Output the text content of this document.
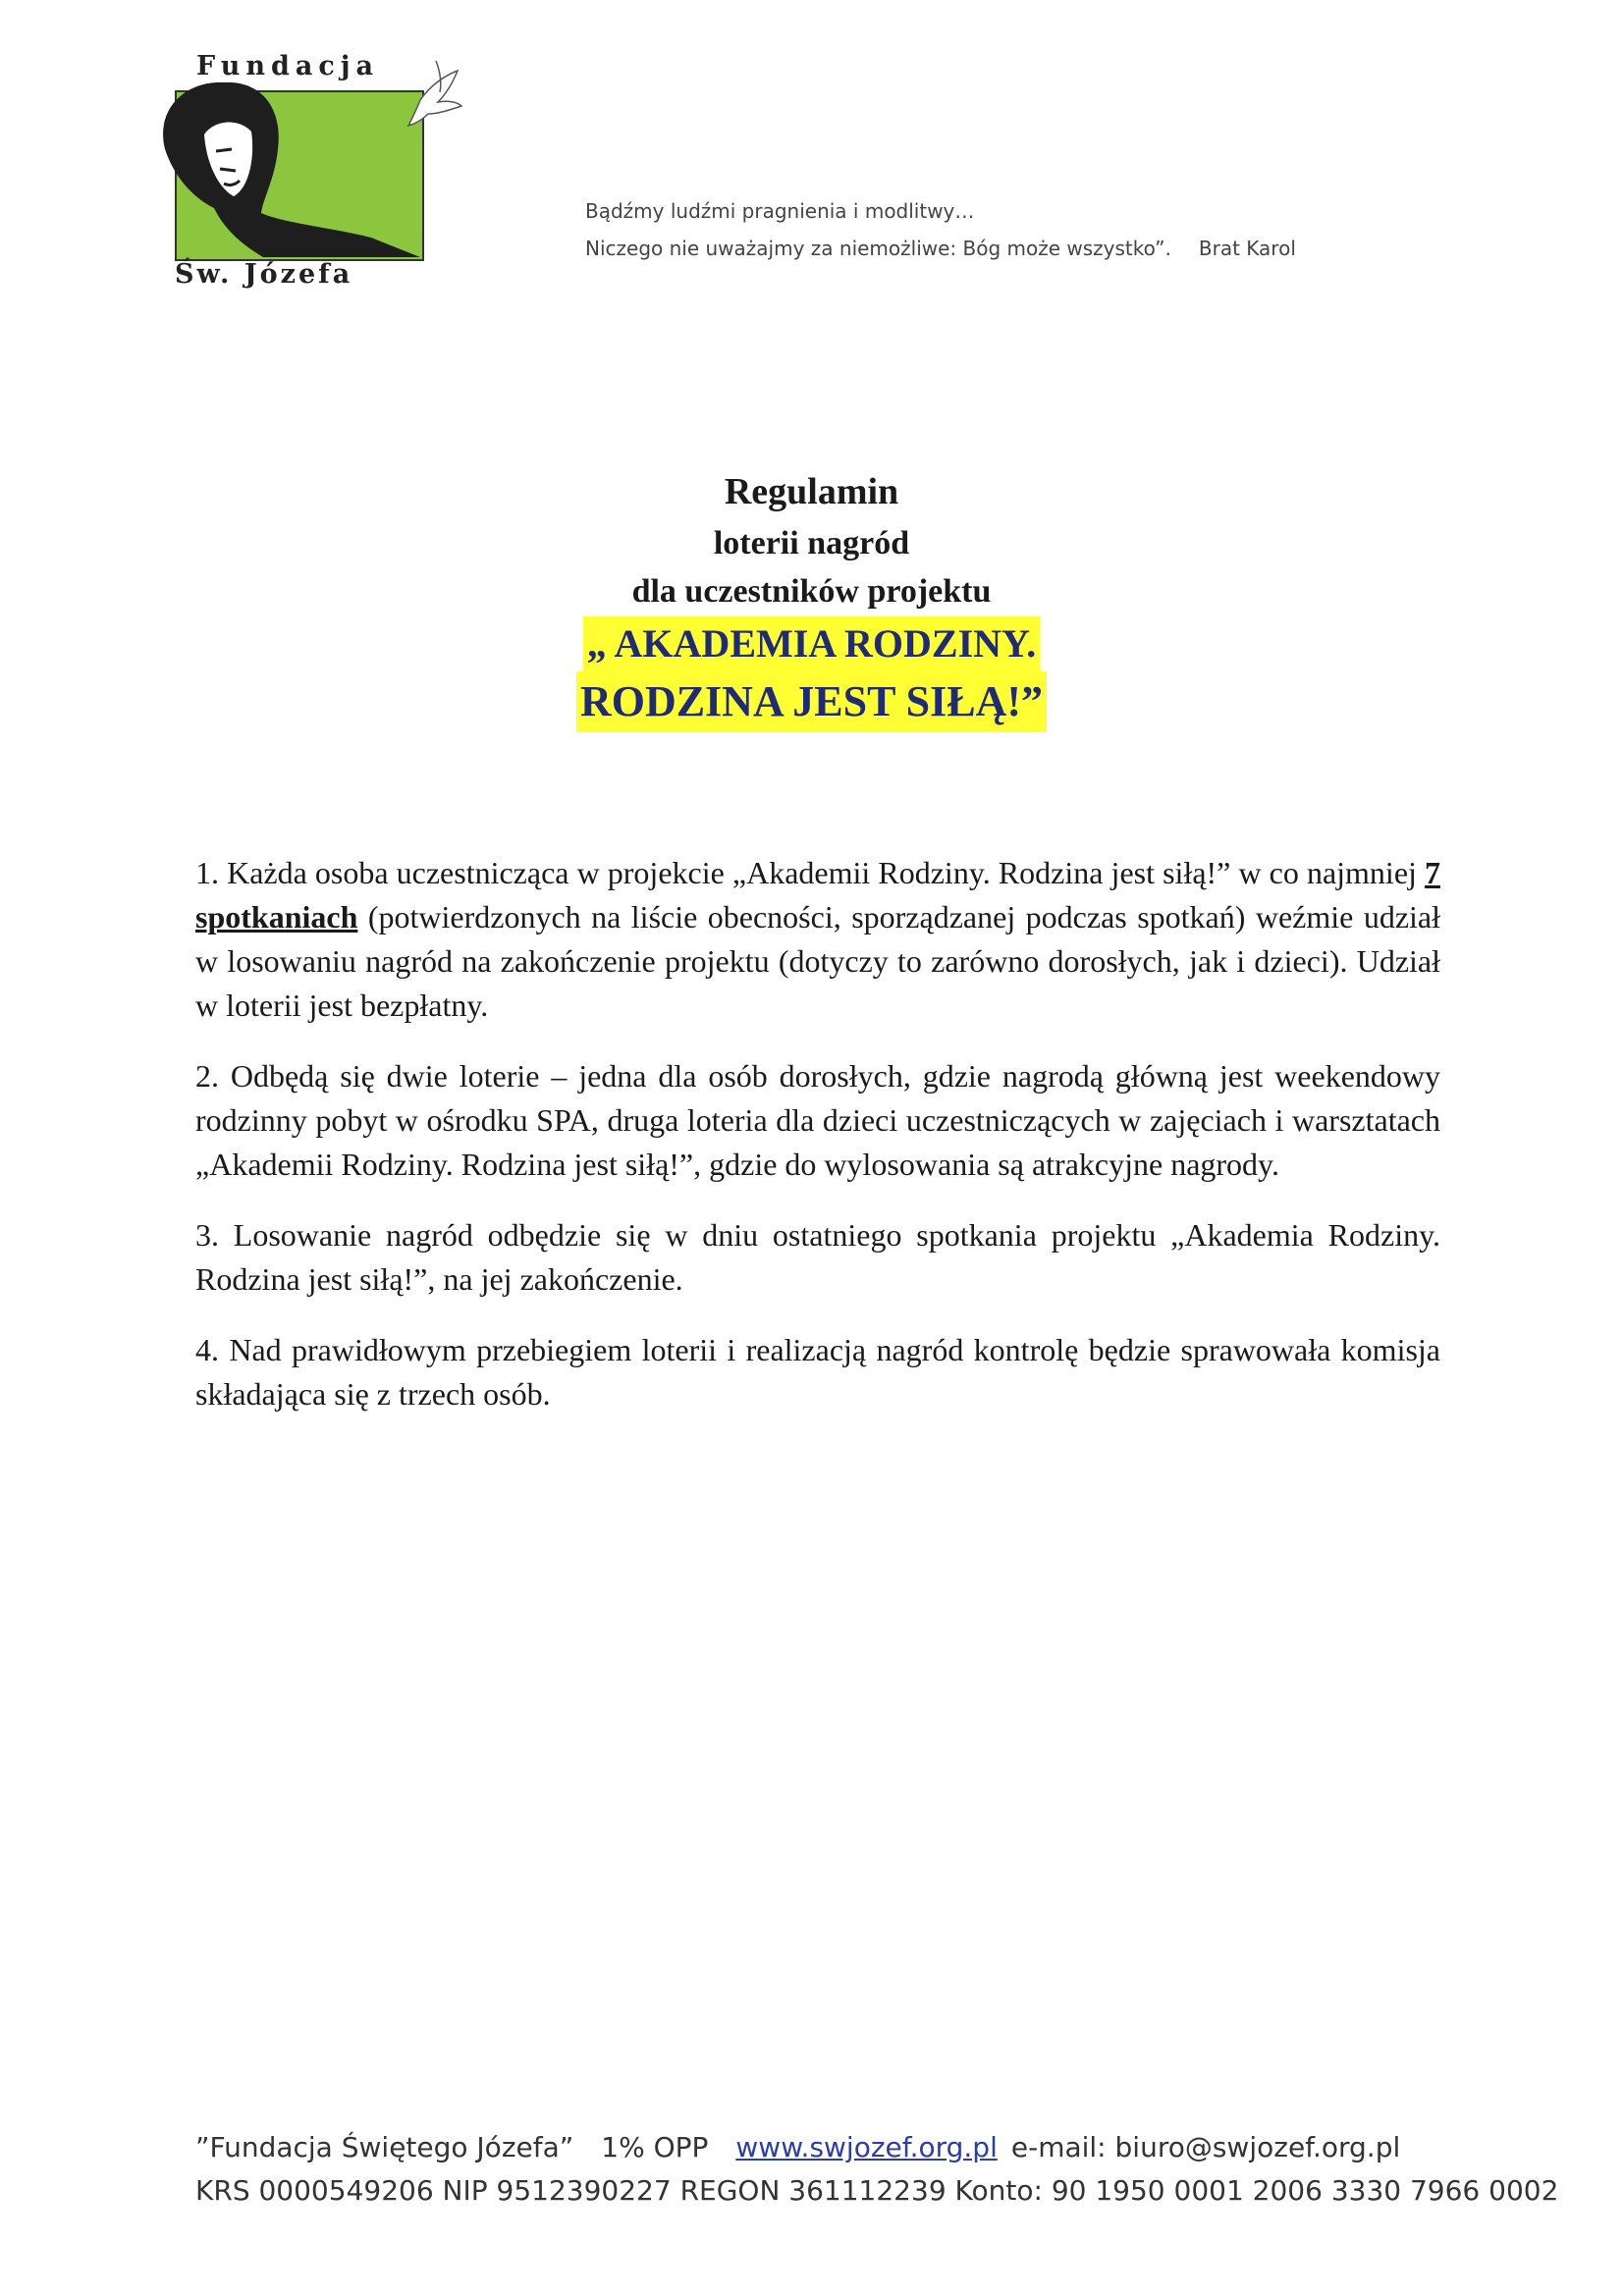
Fundacja
Św. Józefa
Bądźmy ludźmi pragnienia i modlitwy…
Niczego nie uważajmy za niemożliwe: Bóg może wszystko”. Brat Karol
Regulamin
loterii nagród
dla uczestników projektu
„ AKADEMIA RODZINY.
RODZINA JEST SIŁĄ!”

1. Każda osoba uczestnicząca w projekcie „Akademii Rodziny. Rodzina jest siłą!” w co najmniej 7 spotkaniach (potwierdzonych na liście obecności, sporządzanej podczas spotkań) weźmie udział w losowaniu nagród na zakończenie projektu (dotyczy to zarówno dorosłych, jak i dzieci). Udział w loterii jest bezpłatny.

2. Odbędą się dwie loterie – jedna dla osób dorosłych, gdzie nagrodą główną jest weekendowy rodzinny pobyt w ośrodku SPA, druga loteria dla dzieci uczestniczących w zajęciach i warsztatach „Akademii Rodziny. Rodzina jest siłą!”, gdzie do wylosowania są atrakcyjne nagrody.

3. Losowanie nagród odbędzie się w dniu ostatniego spotkania projektu „Akademia Rodziny. Rodzina jest siłą!”, na jej zakończenie.

4. Nad prawidłowym przebiegiem loterii i realizacją nagród kontrolę będzie sprawowała komisja składająca się z trzech osób.

”Fundacja Świętego Józefa” 1% OPP www.swjozef.org.pl e-mail: biuro@swjozef.org.pl
KRS 0000549206 NIP 9512390227 REGON 361112239 Konto: 90 1950 0001 2006 3330 7966 0002
